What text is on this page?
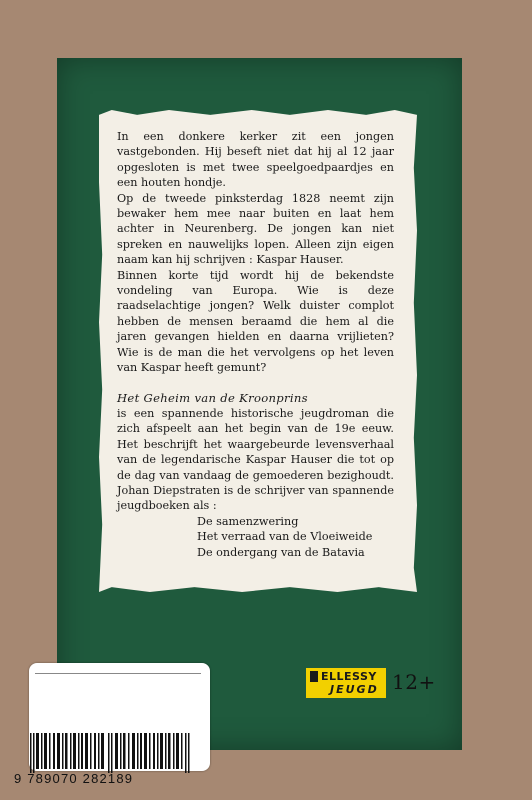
In een donkere kerker zit een jongen vastgebonden. Hij beseft niet dat hij al 12 jaar opgesloten is met twee speelgoedpaardjes en een houten hondje.

Op de tweede pinksterdag 1828 neemt zijn bewaker hem mee naar buiten en laat hem achter in Neurenberg. De jongen kan niet spreken en nauwelijks lopen. Alleen zijn eigen naam kan hij schrijven : Kaspar Hauser.

Binnen korte tijd wordt hij de bekendste vondeling van Europa. Wie is deze raadselachtige jongen? Welk duister complot hebben de mensen beraamd die hem al die jaren gevangen hielden en daarna vrijlieten? Wie is de man die het vervolgens op het leven van Kaspar heeft gemunt?

Het Geheim van de Kroonprins

is een spannende historische jeugdroman die zich afspeelt aan het begin van de 19e eeuw. Het beschrijft het waargebeurde levensverhaal van de legendarische Kaspar Hauser die tot op de dag van vandaag de gemoederen bezighoudt. Johan Diepstraten is de schrijver van spannende jeugdboeken als :

De samenzwering
Het verraad van de Vloeiweide
De ondergang van de Batavia
ELLESSY
JEUGD 12+
9 789070 282189
